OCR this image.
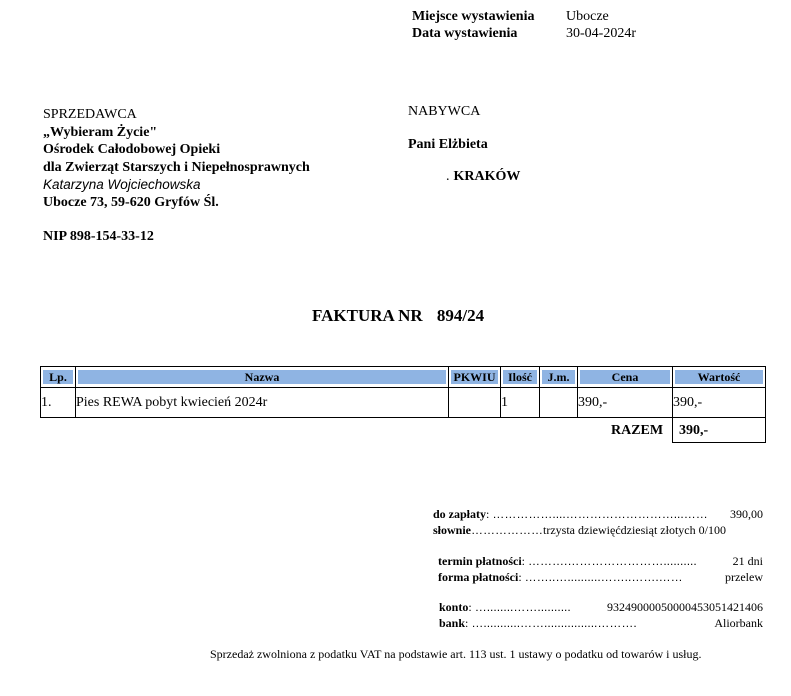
Miejsce wystawienia	Ubocze
Data wystawienia	30-04-2024r
SPRZEDAWCA
„Wybieram Życie"
Ośrodek Całodobowej Opieki
dla Zwierząt Starszych i Niepełnosprawnych
Katarzyna Wojciechowska
Ubocze 73, 59-620 Gryfów Śl.
NIP 898-154-33-12
NABYWCA
Pani Elżbieta
. KRAKÓW
FAKTURA NR 894/24
Lp.	Nazwa	PKWIU	Ilość	J.m.	Cena	Wartość

1.	Pies REWA pobyt kwiecień 2024r		1		390,-	390,-
RAZEM	390,-
do zapłaty: ……………....………………………...…… 390,00
słownie………………trzysta dziewięćdziesiąt złotych 0/100
termin płatności: ……….……………………..........	21 dni
forma płatności: ……..…..........……..…….……	przelew
konto: …........……..........	93249000050000453051421406
bank: …...........……................……….	Aliorbank
Sprzedaż zwolniona z podatku VAT na podstawie art. 113 ust. 1 ustawy o podatku od towarów i usług.
